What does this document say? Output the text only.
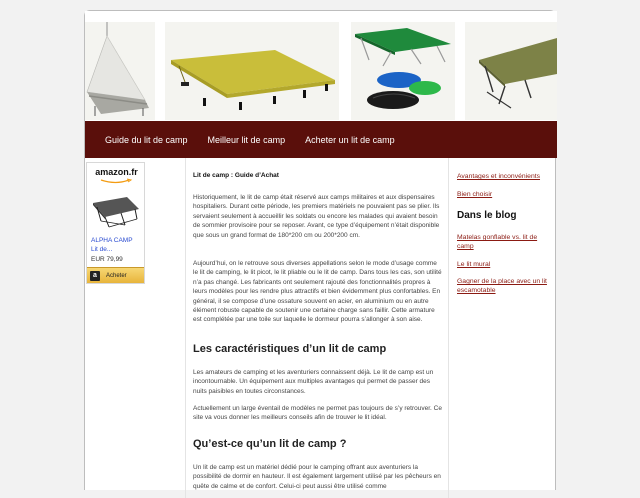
Guide du lit de camp Meilleur lit de camp Acheter un lit de camp
amazon.fr
ALPHA CAMP
Lit de...
EUR 79,99
a	Acheter
Lit de camp : Guide d’Achat
Historiquement, le lit de camp était réservé aux camps militaires et aux dispensaires hospitaliers. Durant cette période, les premiers matériels ne pouvaient pas se plier. Ils servaient seulement à accueillir les soldats ou encore les malades qui avaient besoin de sommier provisoire pour se reposer. Avant, ce type d’équipement n’était disponible que sous un grand format de 180*200 cm ou 200*200 cm.
Aujourd’hui, on le retrouve sous diverses appellations selon le mode d’usage comme le lit de camping, le lit picot, le lit pliable ou le lit de camp. Dans tous les cas, son utilité n’a pas changé. Les fabricants ont seulement rajouté des fonctionnalités propres à leurs modèles pour les rendre plus attractifs et bien évidemment plus confortables. En général, il se compose d’une ossature souvent en acier, en aluminium ou en autre élément robuste capable de soutenir une certaine charge sans faillir. Cette armature est complétée par une toile sur laquelle le dormeur pourra s’allonger à son aise.
Les caractéristiques d’un lit de camp
Les amateurs de camping et les aventuriers connaissent déjà. Le lit de camp est un incontournable. Un équipement aux multiples avantages qui permet de passer des nuits paisibles en toutes circonstances.
Actuellement un large éventail de modèles ne permet pas toujours de s’y retrouver. Ce site va vous donner les meilleurs conseils afin de trouver le lit idéal.
Qu’est-ce qu’un lit de camp ?
Un lit de camp est un matériel dédié pour le camping offrant aux aventuriers la possibilité de dormir en hauteur. Il est également largement utilisé par les pêcheurs en quête de calme et de confort. Celui-ci peut aussi être utilisé comme
Avantages et inconvénients
Bien choisir
Dans le blog
Matelas gonflable vs. lit de camp
Le lit mural
Gagner de la place avec un lit escamotable
